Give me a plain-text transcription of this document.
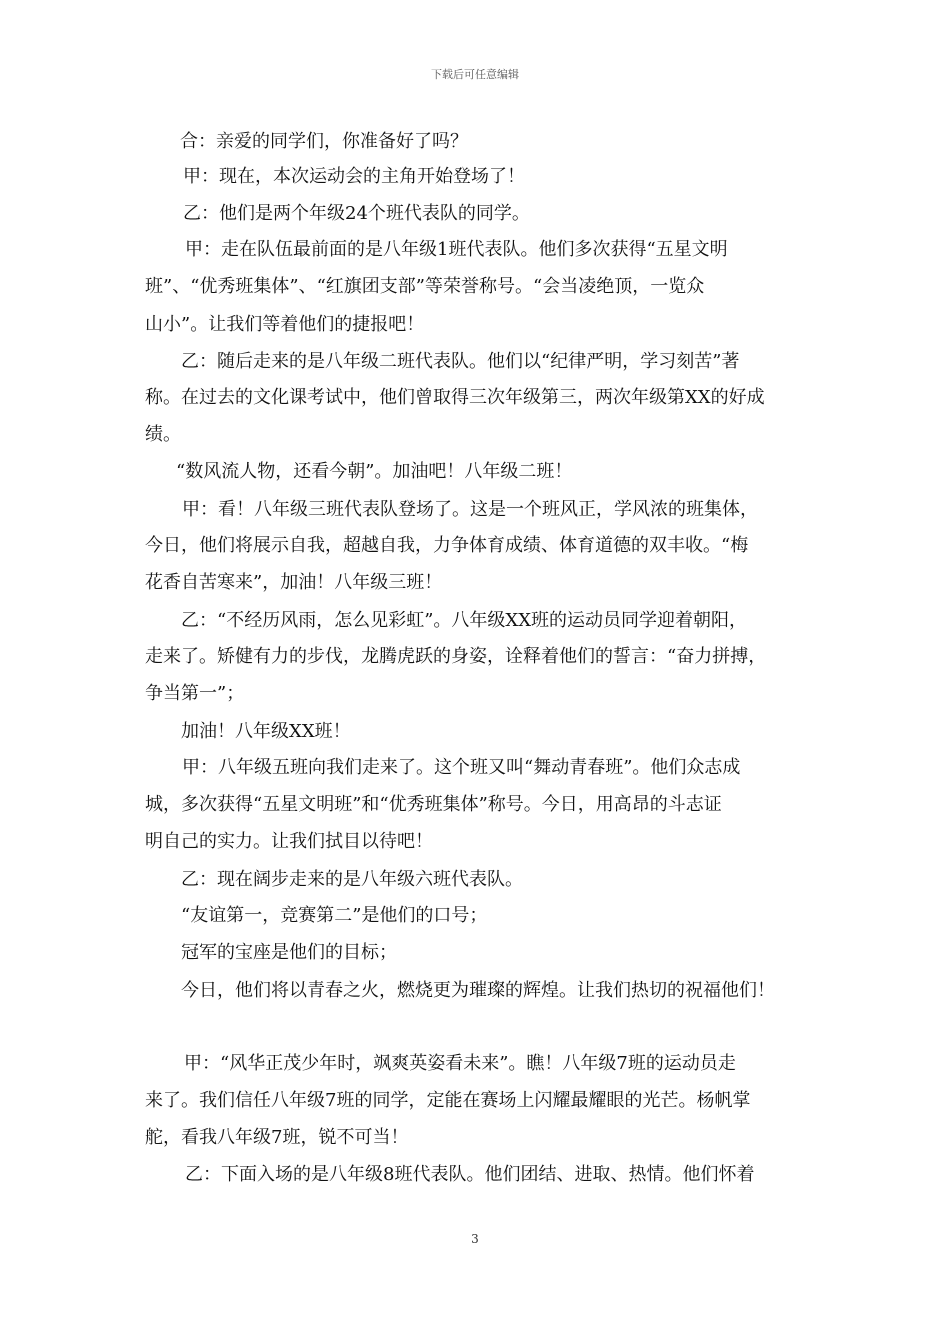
下载后可任意编辑
合：亲爱的同学们，你准备好了吗？
甲：现在，本次运动会的主角开始登场了！
乙：他们是两个年级24个班代表队的同学。
甲：走在队伍最前面的是八年级1班代表队。他们多次获得“五星文明
班”、“优秀班集体”、“红旗团支部”等荣誉称号。“会当凌绝顶，一览众
山小”。让我们等着他们的捷报吧！
乙：随后走来的是八年级二班代表队。他们以“纪律严明，学习刻苦”著
称。在过去的文化课考试中，他们曾取得三次年级第三，两次年级第XX的好成
绩。
“数风流人物，还看今朝”。加油吧！八年级二班！
甲：看！八年级三班代表队登场了。这是一个班风正，学风浓的班集体，
今日，他们将展示自我，超越自我，力争体育成绩、体育道德的双丰收。“梅
花香自苦寒来”，加油！八年级三班！
乙：“不经历风雨，怎么见彩虹”。八年级XX班的运动员同学迎着朝阳，
走来了。矫健有力的步伐，龙腾虎跃的身姿，诠释着他们的誓言：“奋力拼搏，
争当第一”；
加油！八年级XX班！
甲：八年级五班向我们走来了。这个班又叫“舞动青春班”。他们众志成
城，多次获得“五星文明班”和“优秀班集体”称号。今日，用高昂的斗志证
明自己的实力。让我们拭目以待吧！
乙：现在阔步走来的是八年级六班代表队。
“友谊第一，竞赛第二”是他们的口号；
冠军的宝座是他们的目标；
今日，他们将以青春之火，燃烧更为璀璨的辉煌。让我们热切的祝福他们！
甲：“风华正茂少年时，飒爽英姿看未来”。瞧！八年级7班的运动员走
来了。我们信任八年级7班的同学，定能在赛场上闪耀最耀眼的光芒。杨帆掌
舵，看我八年级7班，锐不可当！
乙：下面入场的是八年级8班代表队。他们团结、进取、热情。他们怀着
3
